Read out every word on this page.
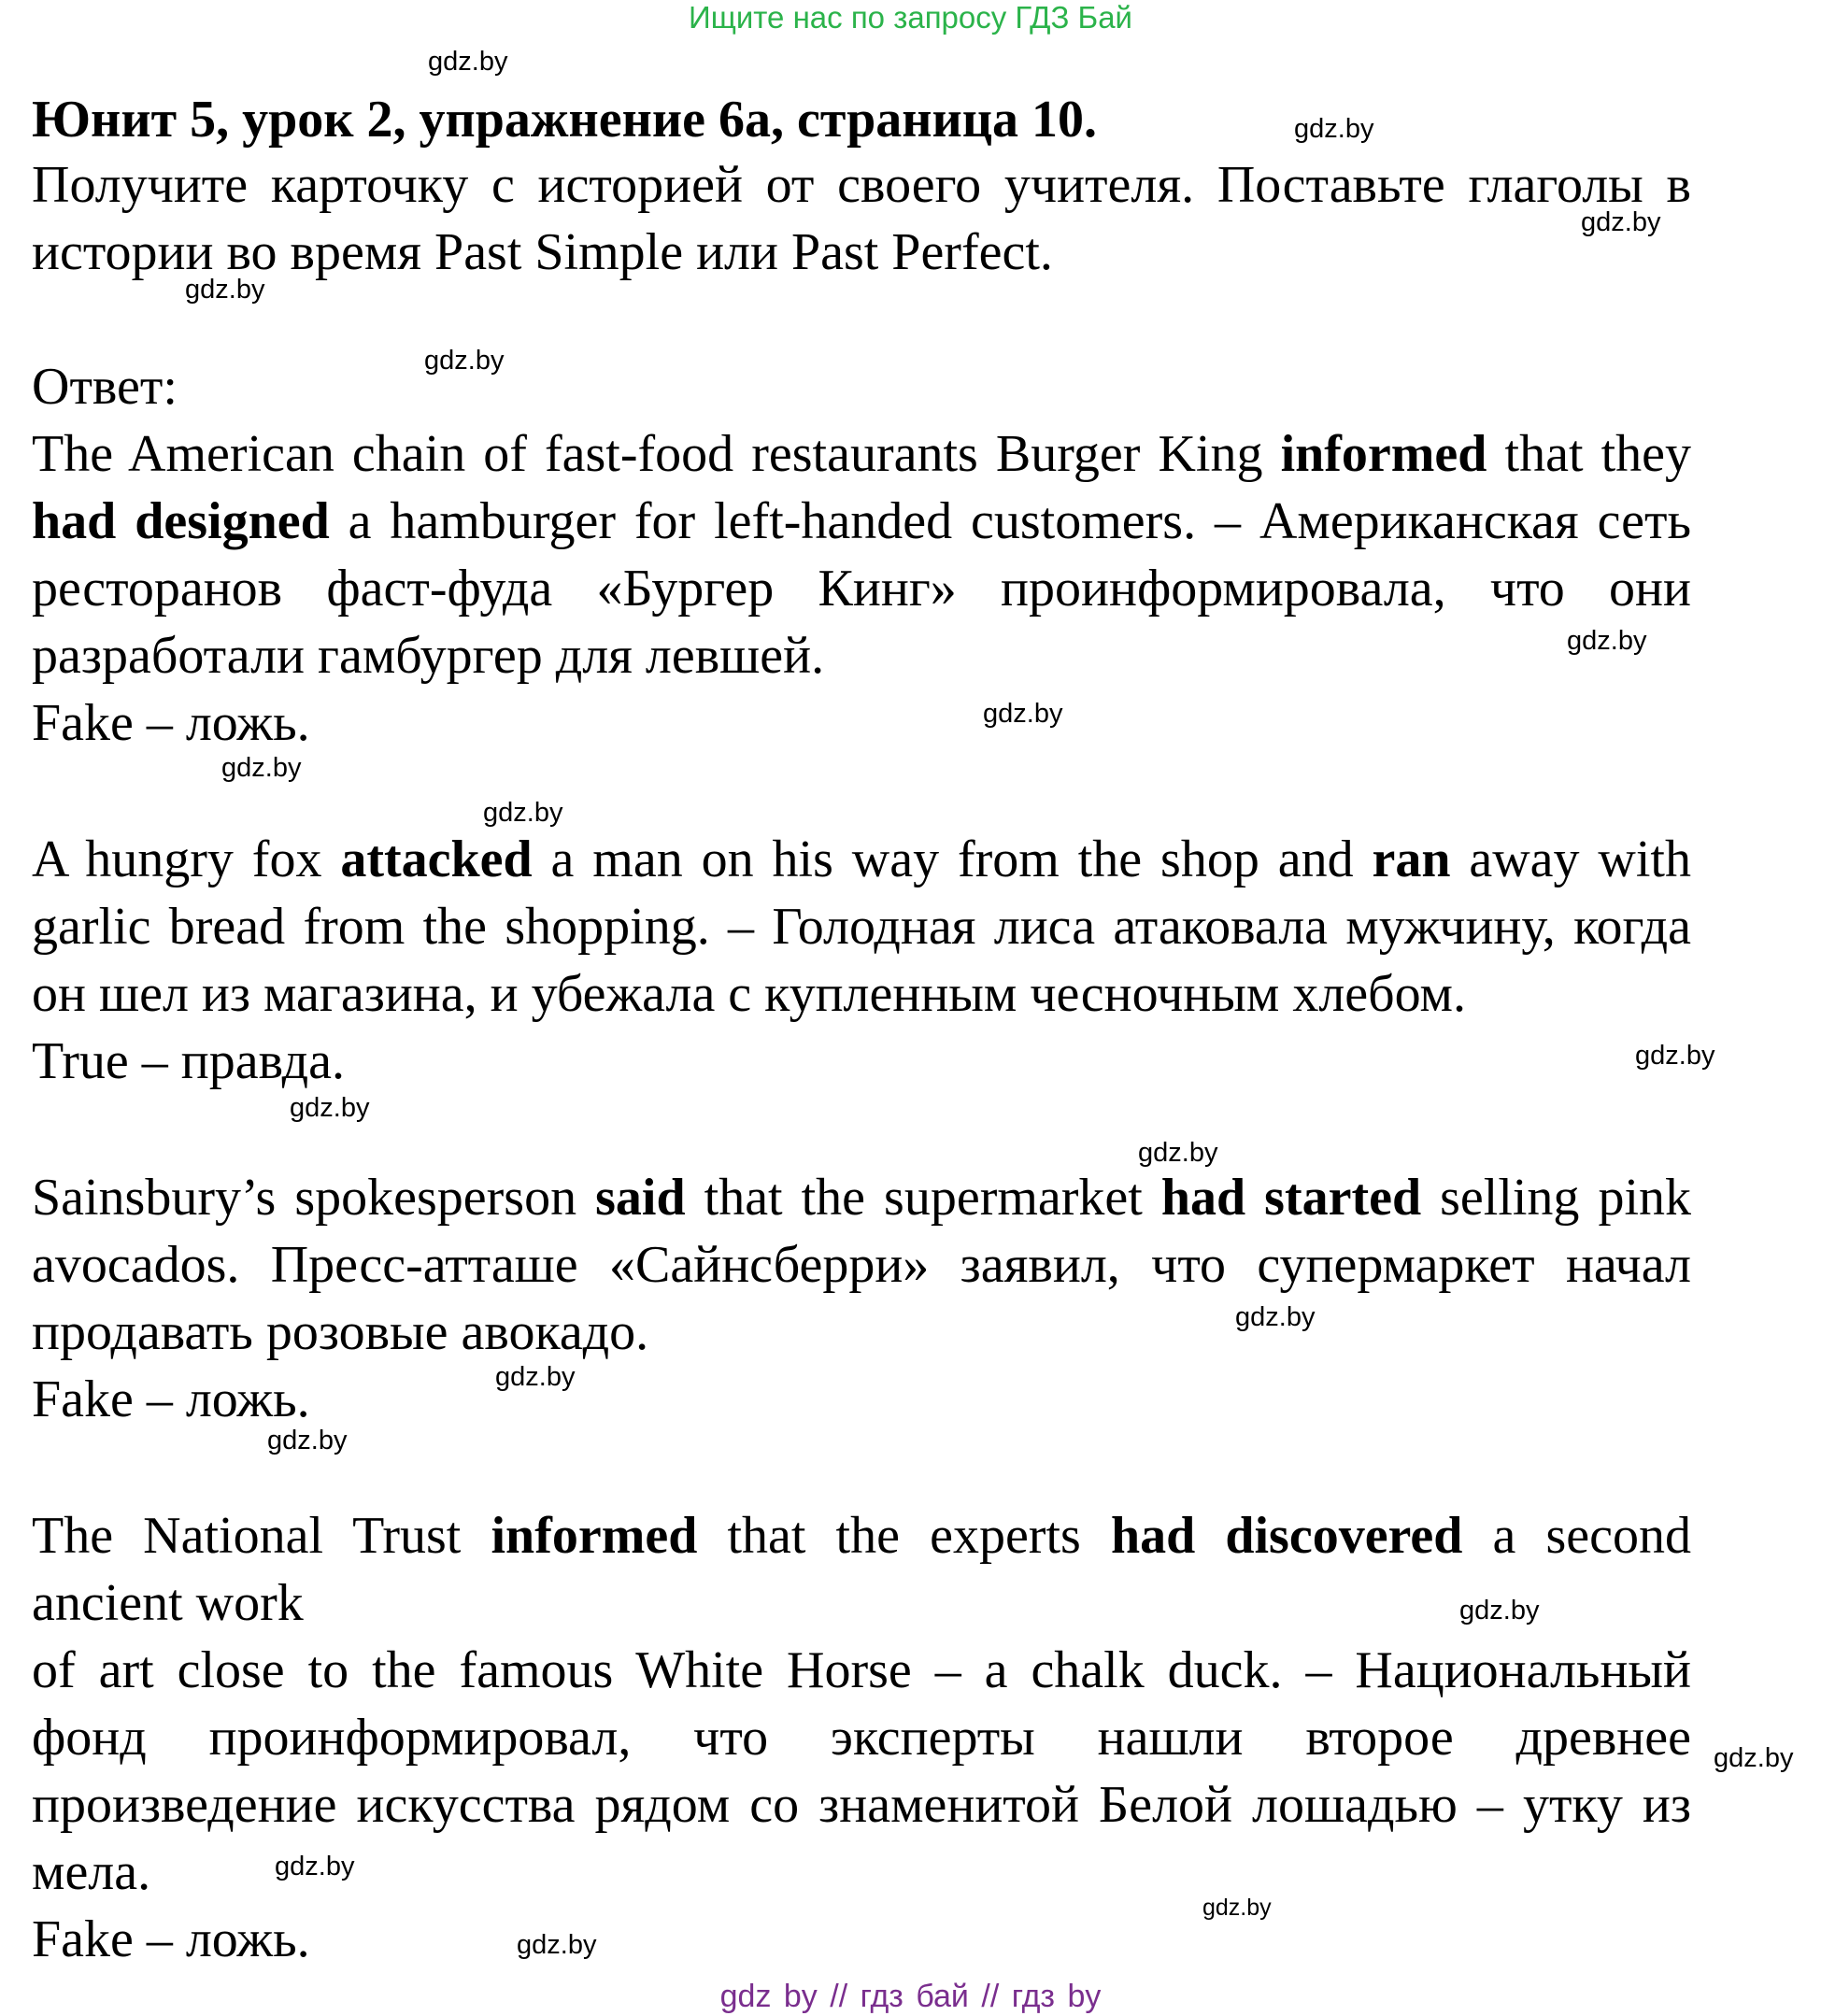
Ищите нас по запросу ГДЗ Бай
Юнит 5, урок 2, упражнение 6а, страница 10.
Получите карточку с историей от своего учителя. Поставьте глаголы в
истории во время Past Simple или Past Perfect.
Ответ:
The American chain of fast-food restaurants Burger King informed that they
had designed a hamburger for left-handed customers. – Американская сеть
ресторанов фаст-фуда «Бургер Кинг» проинформировала, что они
разработали гамбургер для левшей.
Fake – ложь.
A hungry fox attacked a man on his way from the shop and ran away with
garlic bread from the shopping. – Голодная лиса атаковала мужчину, когда
он шел из магазина, и убежала с купленным чесночным хлебом.
True – правда.
Sainsbury’s spokesperson said that the supermarket had started selling pink
avocados. Пресс-атташе «Сайнсберри» заявил, что супермаркет начал
продавать розовые авокадо.
Fake – ложь.
The National Trust informed that the experts had discovered a second
ancient work
of art close to the famous White Horse – a chalk duck. – Национальный
фонд проинформировал, что эксперты нашли второе древнее
произведение искусства рядом со знаменитой Белой лошадью – утку из
мела.
Fake – ложь.
gdz.by
gdz.by
gdz.by
gdz.by
gdz.by
gdz.by
gdz.by
gdz.by
gdz.by
gdz.by
gdz.by
gdz.by
gdz.by
gdz.by
gdz.by
gdz.by
gdz.by
gdz.by
gdz.by
gdz.by
gdz by // гдз бай // гдз by
